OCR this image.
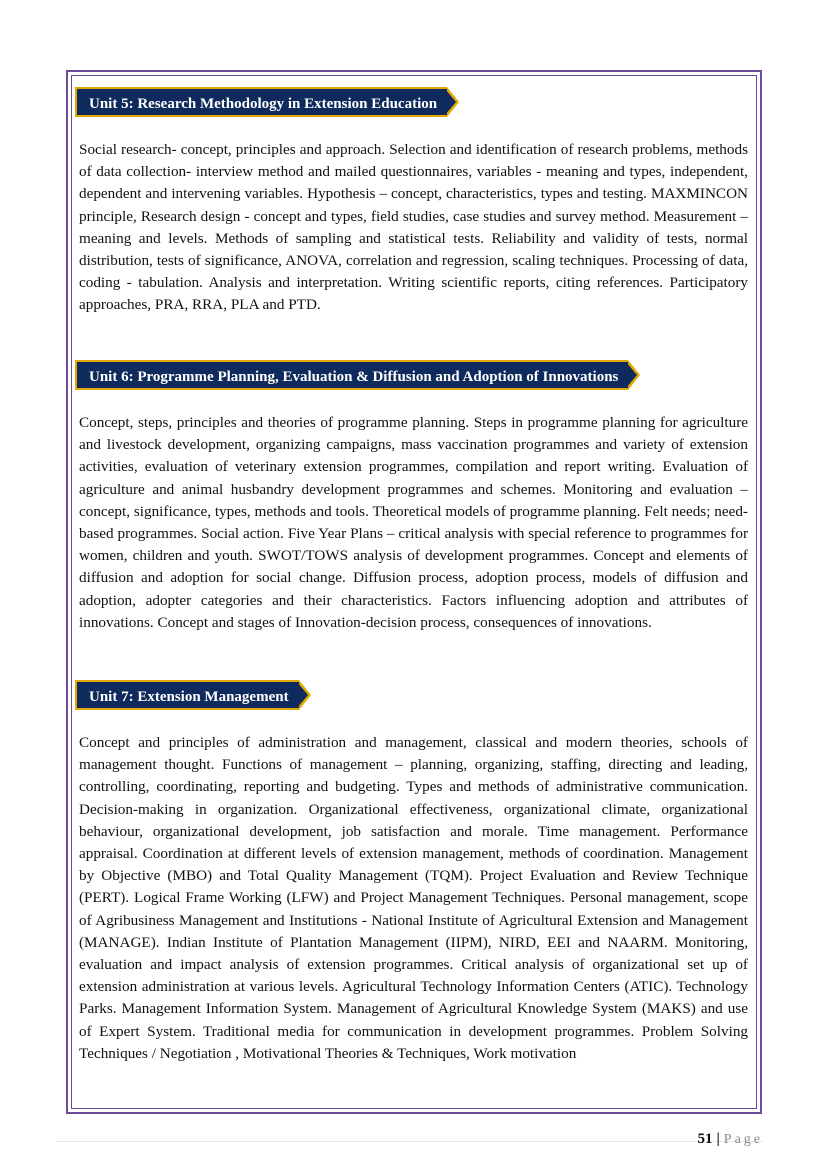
Unit 5: Research Methodology in Extension Education

Social research- concept, principles and approach. Selection and identification of research problems, methods of data collection- interview method and mailed questionnaires, variables - meaning and types, independent, dependent and intervening variables. Hypothesis – concept, characteristics, types and testing. MAXMINCON principle, Research design - concept and types, field studies, case studies and survey method. Measurement – meaning and levels. Methods of sampling and statistical tests. Reliability and validity of tests, normal distribution, tests of significance, ANOVA, correlation and regression, scaling techniques. Processing of data, coding - tabulation. Analysis and interpretation. Writing scientific reports, citing references. Participatory approaches, PRA, RRA, PLA and PTD.

Unit 6: Programme Planning, Evaluation & Diffusion and Adoption of Innovations

Concept, steps, principles and theories of programme planning. Steps in programme planning for agriculture and livestock development, organizing campaigns, mass vaccination programmes and variety of extension activities, evaluation of veterinary extension programmes, compilation and report writing. Evaluation of agriculture and animal husbandry development programmes and schemes. Monitoring and evaluation – concept, significance, types, methods and tools. Theoretical models of programme planning. Felt needs; need-based programmes. Social action. Five Year Plans – critical analysis with special reference to programmes for women, children and youth. SWOT/TOWS analysis of development programmes. Concept and elements of diffusion and adoption for social change. Diffusion process, adoption process, models of diffusion and adoption, adopter categories and their characteristics. Factors influencing adoption and attributes of innovations. Concept and stages of Innovation-decision process, consequences of innovations.

Unit 7: Extension Management

Concept and principles of administration and management, classical and modern theories, schools of management thought. Functions of management – planning, organizing, staffing, directing and leading, controlling, coordinating, reporting and budgeting. Types and methods of administrative communication. Decision-making in organization. Organizational effectiveness, organizational climate, organizational behaviour, organizational development, job satisfaction and morale. Time management. Performance appraisal. Coordination at different levels of extension management, methods of coordination. Management by Objective (MBO) and Total Quality Management (TQM). Project Evaluation and Review Technique (PERT). Logical Frame Working (LFW) and Project Management Techniques. Personal management, scope of Agribusiness Management and Institutions - National Institute of Agricultural Extension and Management (MANAGE). Indian Institute of Plantation Management (IIPM), NIRD, EEI and NAARM. Monitoring, evaluation and impact analysis of extension programmes. Critical analysis of organizational set up of extension administration at various levels. Agricultural Technology Information Centers (ATIC). Technology Parks. Management Information System. Management of Agricultural Knowledge System (MAKS) and use of Expert System. Traditional media for communication in development programmes. Problem Solving Techniques / Negotiation , Motivational Theories & Techniques, Work motivation

51 | Page
